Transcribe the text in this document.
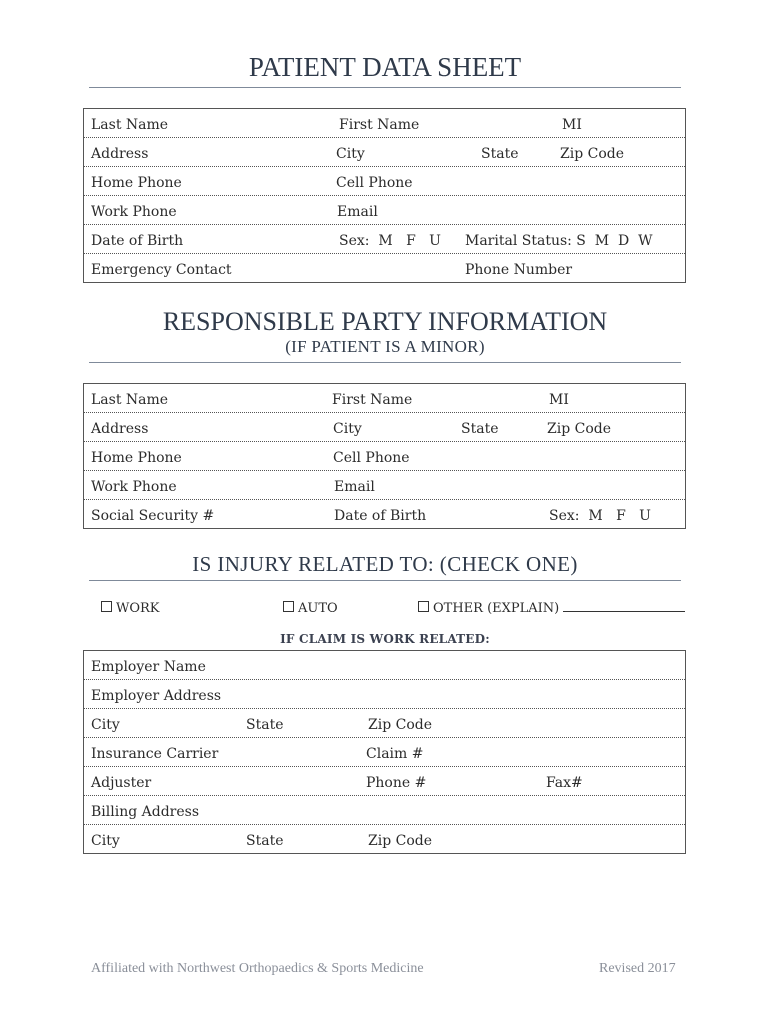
PATIENT DATA SHEET
Last Name	First Name	MI
Address	City	State	Zip Code
Home Phone	Cell Phone
Work Phone	Email
Date of Birth	Sex:  M   F   U Marital Status: S  M  D  W
Emergency Contact	Phone Number
RESPONSIBLE PARTY INFORMATION
(IF PATIENT IS A MINOR)
Last Name	First Name	MI
Address	City	State	Zip Code
Home Phone	Cell Phone
Work Phone	Email
Social Security #	Date of Birth	Sex:  M   F   U
IS INJURY RELATED TO: (CHECK ONE)
WORK	AUTO	OTHER (EXPLAIN)
IF CLAIM IS WORK RELATED:
Employer Name
Employer Address
City	State	Zip Code
Insurance Carrier	Claim #
Adjuster	Phone #	Fax#
Billing Address
City	State	Zip Code
Affiliated with Northwest Orthopaedics & Sports Medicine	Revised 2017
